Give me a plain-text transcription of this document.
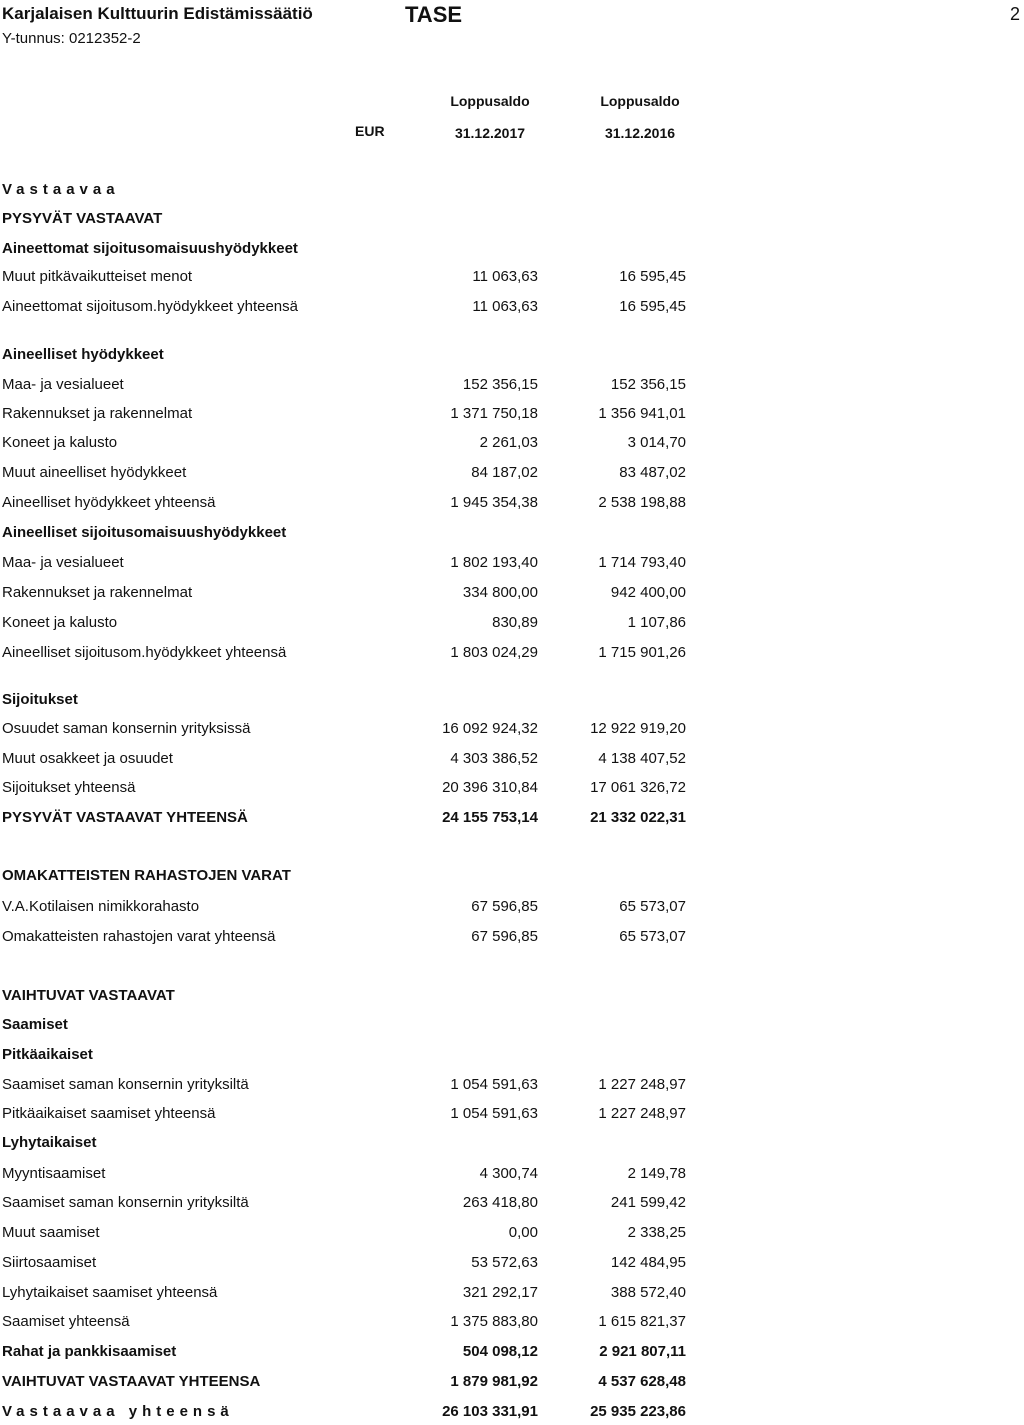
Karjalaisen Kulttuurin Edistämissäätiö
Y-tunnus: 0212352-2
TASE	2
Loppusaldo
31.12.2017
Loppusaldo
31.12.2016
EUR
Vastaavaa
PYSYVÄT VASTAAVAT
Aineettomat sijoitusomaisuushyödykkeet
Muut pitkävaikutteiset menot	11 063,63	16 595,45
Aineettomat sijoitusom.hyödykkeet yhteensä	11 063,63	16 595,45
Aineelliset hyödykkeet
Maa- ja vesialueet	152 356,15	152 356,15
Rakennukset ja rakennelmat	1 371 750,18	1 356 941,01
Koneet ja kalusto	2 261,03	3 014,70
Muut aineelliset hyödykkeet	84 187,02	83 487,02
Aineelliset hyödykkeet yhteensä	1 945 354,38	2 538 198,88
Aineelliset sijoitusomaisuushyödykkeet
Maa- ja vesialueet	1 802 193,40	1 714 793,40
Rakennukset ja rakennelmat	334 800,00	942 400,00
Koneet ja kalusto	830,89	1 107,86
Aineelliset sijoitusom.hyödykkeet yhteensä	1 803 024,29	1 715 901,26
Sijoitukset
Osuudet saman konsernin yrityksissä	16 092 924,32	12 922 919,20
Muut osakkeet ja osuudet	4 303 386,52	4 138 407,52
Sijoitukset yhteensä	20 396 310,84	17 061 326,72
PYSYVÄT VASTAAVAT YHTEENSÄ	24 155 753,14	21 332 022,31
OMAKATTEISTEN RAHASTOJEN VARAT
V.A.Kotilaisen nimikkorahasto	67 596,85	65 573,07
Omakatteisten rahastojen varat yhteensä	67 596,85	65 573,07
VAIHTUVAT VASTAAVAT
Saamiset
Pitkäaikaiset
Saamiset saman konsernin yrityksiltä	1 054 591,63	1 227 248,97
Pitkäaikaiset saamiset yhteensä	1 054 591,63	1 227 248,97
Lyhytaikaiset
Myyntisaamiset	4 300,74	2 149,78
Saamiset saman konsernin yrityksiltä	263 418,80	241 599,42
Muut saamiset	0,00	2 338,25
Siirtosaamiset	53 572,63	142 484,95
Lyhytaikaiset saamiset yhteensä	321 292,17	388 572,40
Saamiset yhteensä	1 375 883,80	1 615 821,37
Rahat ja pankkisaamiset	504 098,12	2 921 807,11
VAIHTUVAT VASTAAVAT YHTEENSA	1 879 981,92	4 537 628,48
Vastaavaa yhteensä	26 103 331,91	25 935 223,86
